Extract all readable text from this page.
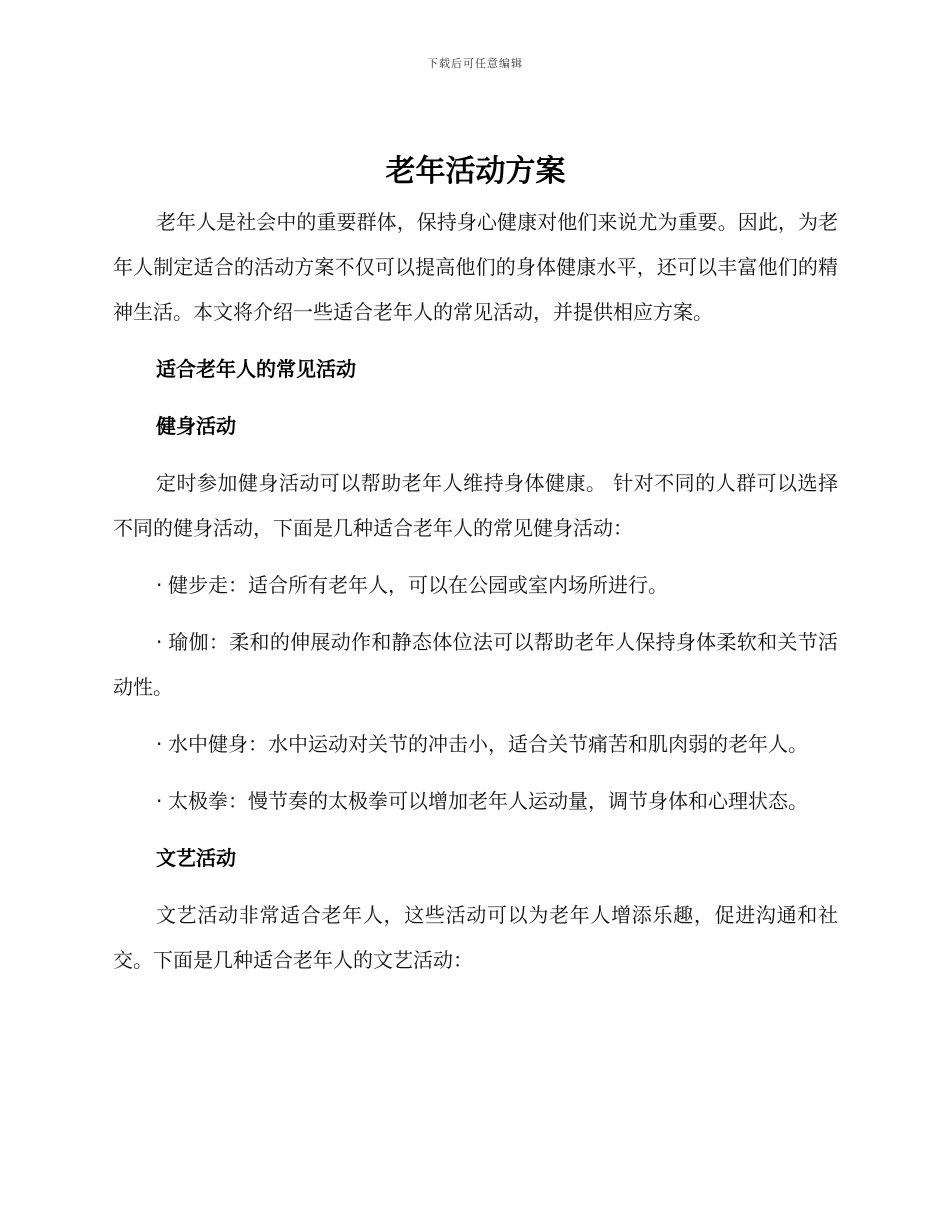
下载后可任意编辑
老年活动方案

老年人是社会中的重要群体，保持身心健康对他们来说尤为重要。因此，为老年人制定适合的活动方案不仅可以提高他们的身体健康水平，还可以丰富他们的精神生活。本文将介绍一些适合老年人的常见活动，并提供相应方案。

适合老年人的常见活动
健身活动

定时参加健身活动可以帮助老年人维持身体健康。 针对不同的人群可以选择不同的健身活动，下面是几种适合老年人的常见健身活动：

· 健步走：适合所有老年人，可以在公园或室内场所进行。

· 瑜伽：柔和的伸展动作和静态体位法可以帮助老年人保持身体柔软和关节活动性。

· 水中健身：水中运动对关节的冲击小，适合关节痛苦和肌肉弱的老年人。

· 太极拳：慢节奏的太极拳可以增加老年人运动量，调节身体和心理状态。

文艺活动

文艺活动非常适合老年人，这些活动可以为老年人增添乐趣，促进沟通和社交。下面是几种适合老年人的文艺活动：
